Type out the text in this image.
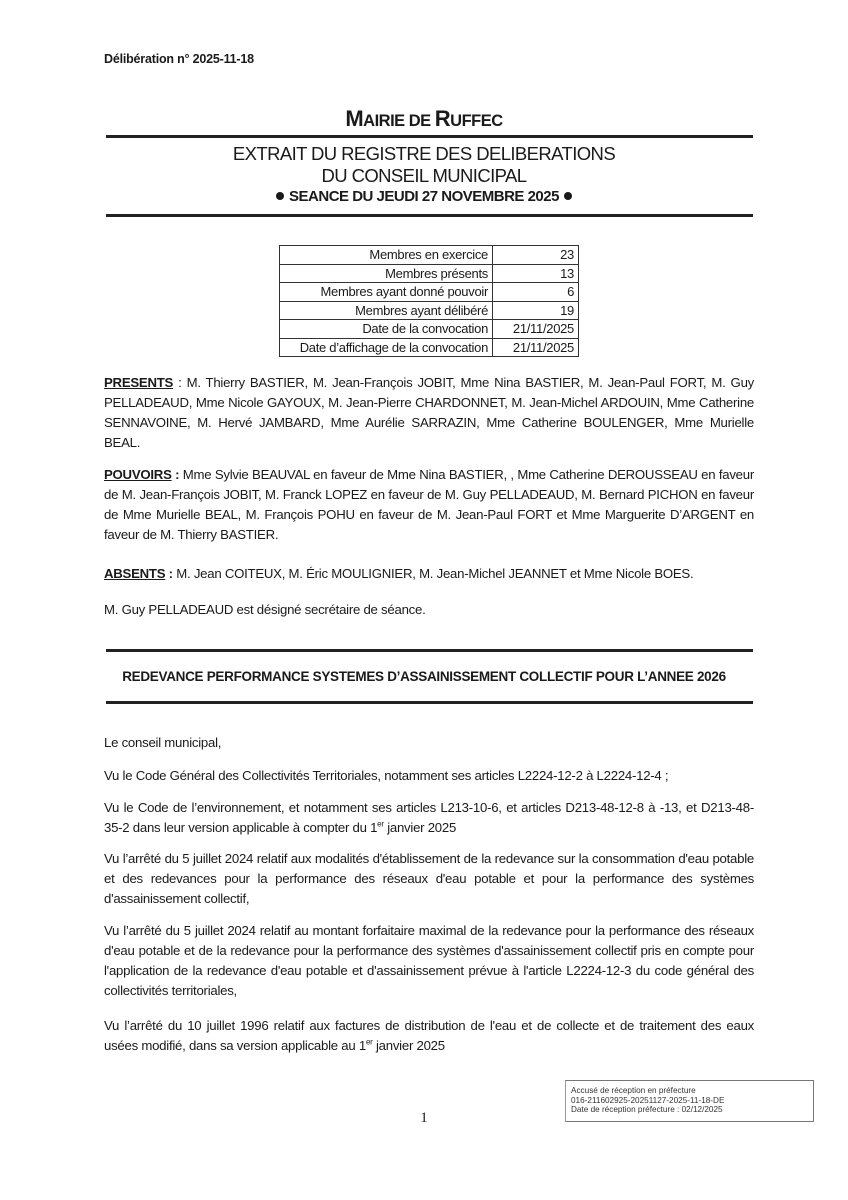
Délibération n° 2025-11-18
MAIRIE DE RUFFEC
EXTRAIT DU REGISTRE DES DELIBERATIONS
DU CONSEIL MUNICIPAL
SEANCE DU JEUDI 27 NOVEMBRE 2025
Membres en exercice	23
Membres présents	13
Membres ayant donné pouvoir	6
Membres ayant délibéré	19
Date de la convocation	21/11/2025
Date d’affichage de la convocation	21/11/2025
PRESENTS : M. Thierry BASTIER, M. Jean-François JOBIT, Mme Nina BASTIER, M. Jean-Paul FORT, M. Guy PELLADEAUD, Mme Nicole GAYOUX, M. Jean-Pierre CHARDONNET, M. Jean-Michel ARDOUIN, Mme Catherine SENNAVOINE, M. Hervé JAMBARD, Mme Aurélie SARRAZIN, Mme Catherine BOULENGER, Mme Murielle BEAL.
POUVOIRS : Mme Sylvie BEAUVAL en faveur de Mme Nina BASTIER, , Mme Catherine DEROUSSEAU en faveur de M. Jean-François JOBIT, M. Franck LOPEZ en faveur de M. Guy PELLADEAUD, M. Bernard PICHON en faveur de Mme Murielle BEAL, M. François POHU en faveur de M. Jean-Paul FORT et Mme Marguerite D’ARGENT en faveur de M. Thierry BASTIER.
ABSENTS : M. Jean COITEUX, M. Éric MOULIGNIER, M. Jean-Michel JEANNET et Mme Nicole BOES.
M. Guy PELLADEAUD est désigné secrétaire de séance.
REDEVANCE PERFORMANCE SYSTEMES D’ASSAINISSEMENT COLLECTIF POUR L’ANNEE 2026
Le conseil municipal,
Vu le Code Général des Collectivités Territoriales, notamment ses articles L2224-12-2 à L2224-12-4 ;
Vu le Code de l’environnement, et notamment ses articles L213-10-6, et articles D213-48-12-8 à -13, et D213-48-35-2 dans leur version applicable à compter du 1er janvier 2025
Vu l’arrêté du 5 juillet 2024 relatif aux modalités d'établissement de la redevance sur la consommation d'eau potable et des redevances pour la performance des réseaux d'eau potable et pour la performance des systèmes d'assainissement collectif,
Vu l’arrêté du 5 juillet 2024 relatif au montant forfaitaire maximal de la redevance pour la performance des réseaux d'eau potable et de la redevance pour la performance des systèmes d'assainissement collectif pris en compte pour l'application de la redevance d'eau potable et d'assainissement prévue à l'article L2224-12-3 du code général des collectivités territoriales,
Vu l’arrêté du 10 juillet 1996 relatif aux factures de distribution de l'eau et de collecte et de traitement des eaux usées modifié, dans sa version applicable au 1er janvier 2025
1
Accusé de réception en préfecture
016-211602925-20251127-2025-11-18-DE
Date de réception préfecture : 02/12/2025
